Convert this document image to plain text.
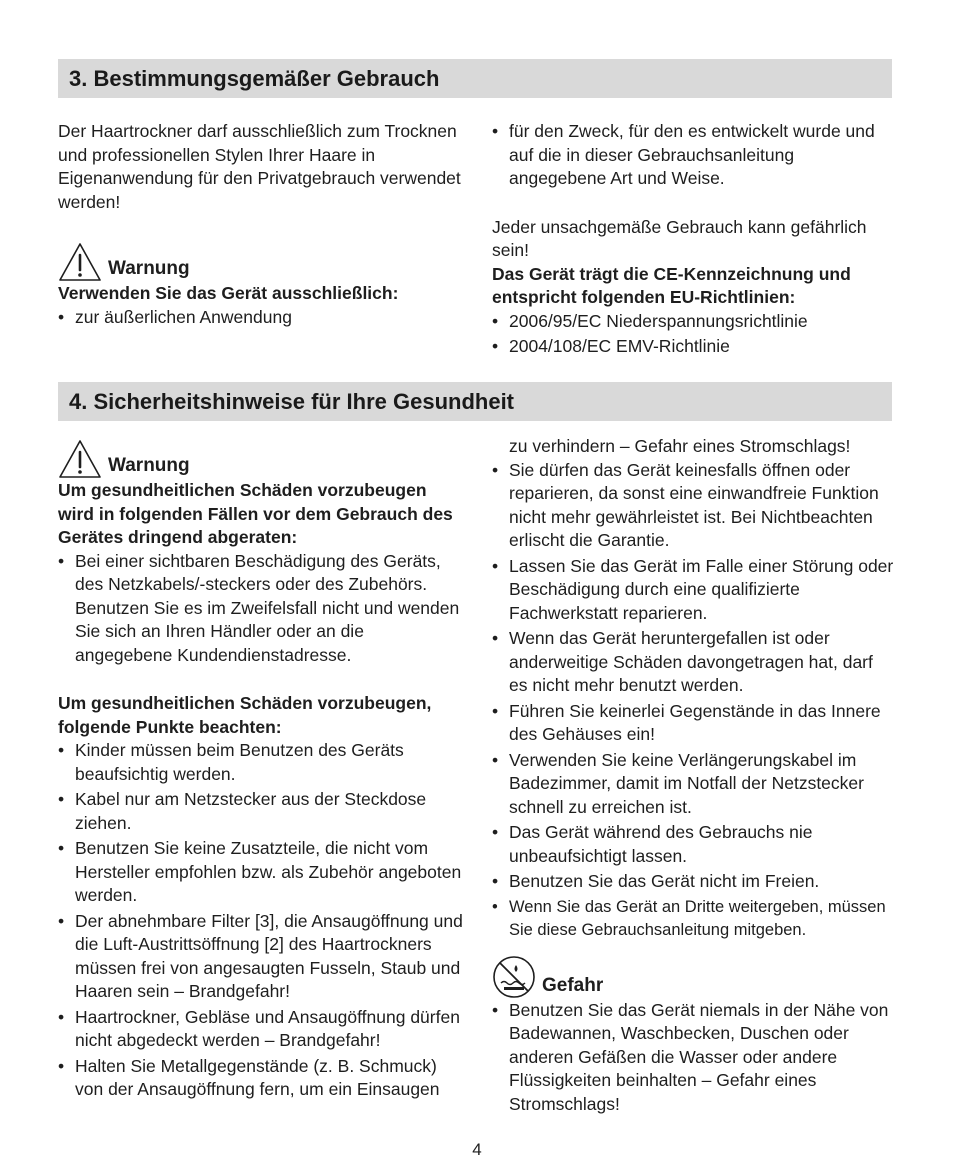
3. Bestimmungsgemäßer Gebrauch

Der Haartrockner darf ausschließlich zum Trocknen und professionellen Stylen Ihrer Haare in Eigenanwendung für den Privatgebrauch verwendet werden!

Warnung

Verwenden Sie das Gerät ausschließlich:

• zur äußerlichen Anwendung
• für den Zweck, für den es entwickelt wurde und auf die in dieser Gebrauchsanleitung angegebene Art und Weise.

Jeder unsachgemäße Gebrauch kann gefährlich sein!

Das Gerät trägt die CE-Kennzeichnung und entspricht folgenden EU-Richtlinien:

• 2006/95/EC Niederspannungsrichtlinie
• 2004/108/EC EMV-Richtlinie
4. Sicherheitshinweise für Ihre Gesundheit
Warnung

Um gesundheitlichen Schäden vorzubeugen wird in folgenden Fällen vor dem Gebrauch des Gerätes dringend abgeraten:

• Bei einer sichtbaren Beschädigung des Geräts, des Netzkabels/-steckers oder des Zubehörs. Benutzen Sie es im Zweifelsfall nicht und wenden Sie sich an Ihren Händler oder an die angegebene Kundendienstadresse.

Um gesundheitlichen Schäden vorzubeugen, folgende Punkte beachten:

• Kinder müssen beim Benutzen des Geräts beaufsichtig werden.
• Kabel nur am Netzstecker aus der Steckdose ziehen.
• Benutzen Sie keine Zusatzteile, die nicht vom Hersteller empfohlen bzw. als Zubehör angeboten werden.
• Der abnehmbare Filter [3], die Ansaugöffnung und die Luft-Austrittsöffnung [2] des Haartrockners müssen frei von angesaugten Fusseln, Staub und Haaren sein – Brandgefahr!
• Haartrockner, Gebläse und Ansaugöffnung dürfen nicht abgedeckt werden – Brandgefahr!
• Halten Sie Metallgegenstände (z. B. Schmuck) von der Ansaugöffnung fern, um ein Einsaugen

zu verhindern – Gefahr eines Stromschlags!

• Sie dürfen das Gerät keinesfalls öffnen oder reparieren, da sonst eine einwandfreie Funktion nicht mehr gewährleistet ist. Bei Nichtbeachten erlischt die Garantie.
• Lassen Sie das Gerät im Falle einer Störung oder Beschädigung durch eine qualifizierte Fachwerkstatt reparieren.
• Wenn das Gerät heruntergefallen ist oder anderweitige Schäden davongetragen hat, darf es nicht mehr benutzt werden.
• Führen Sie keinerlei Gegenstände in das Innere des Gehäuses ein!
• Verwenden Sie keine Verlängerungskabel im Badezimmer, damit im Notfall der Netzstecker schnell zu erreichen ist.
• Das Gerät während des Gebrauchs nie unbeaufsichtigt lassen.
• Benutzen Sie das Gerät nicht im Freien.
• Wenn Sie das Gerät an Dritte weitergeben, müssen Sie diese Gebrauchsanleitung mitgeben.
Gefahr
• Benutzen Sie das Gerät niemals in der Nähe von Badewannen, Waschbecken, Duschen oder anderen Gefäßen die Wasser oder andere Flüssigkeiten beinhalten – Gefahr eines Stromschlags!
4
